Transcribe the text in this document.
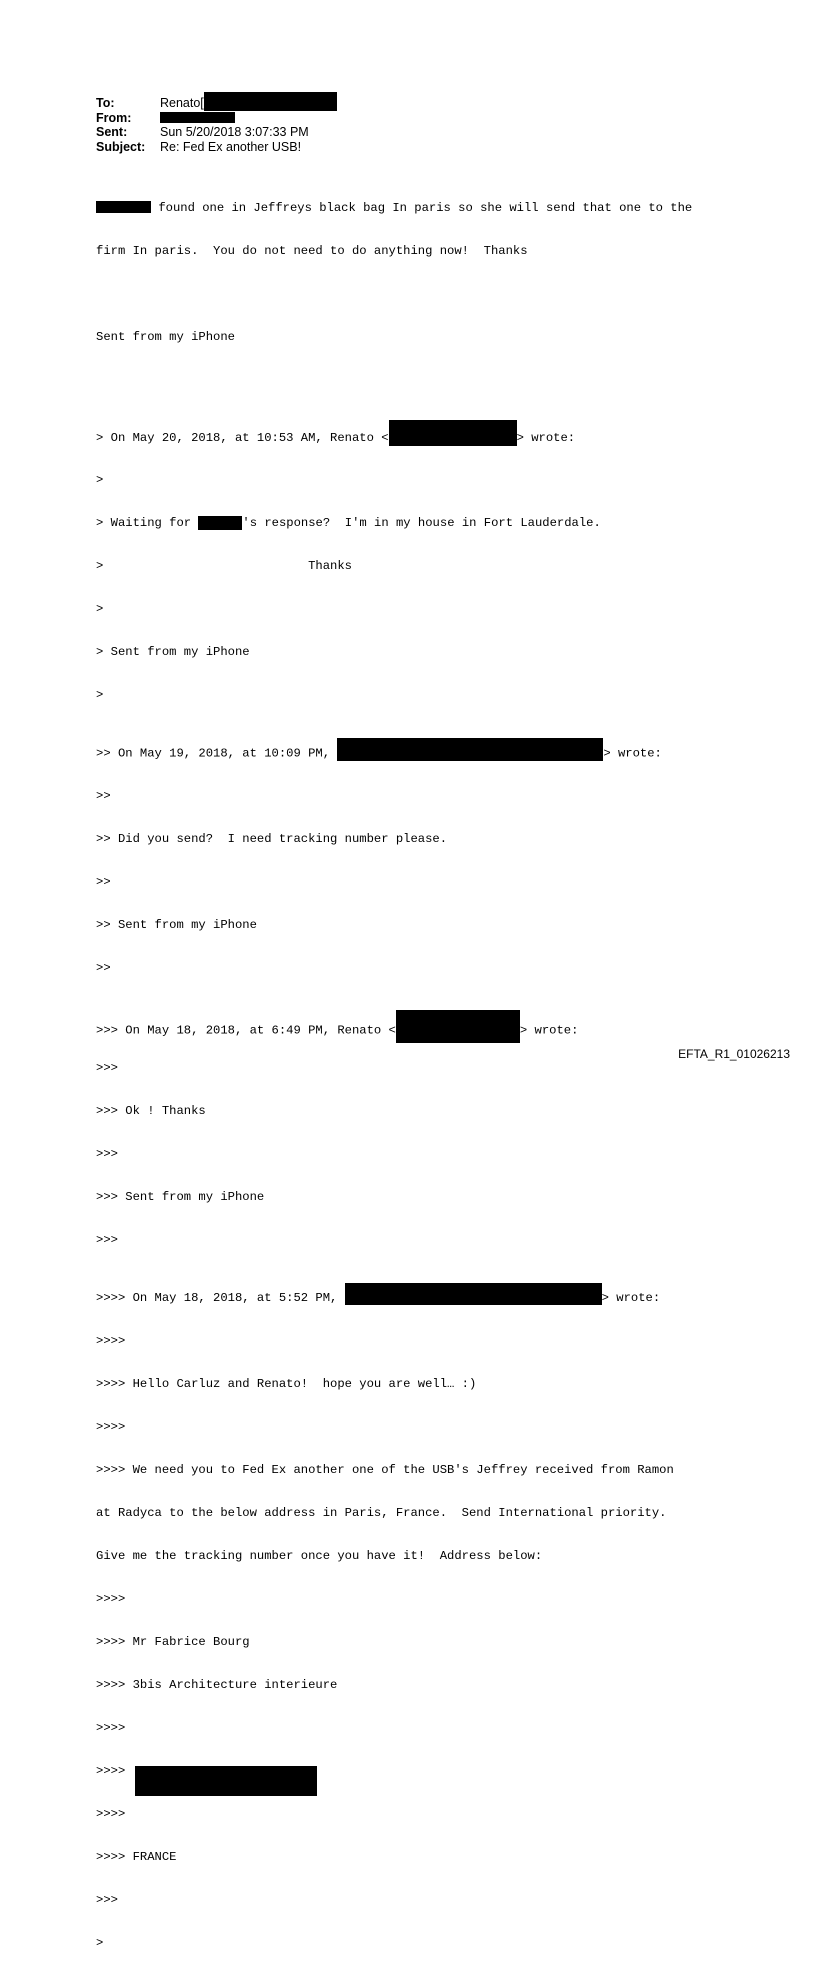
To:	Renato[
From:
Sent:	Sun 5/20/2018 3:07:33 PM
Subject:	Re: Fed Ex another USB!

found one in Jeffreys black bag In paris so she will send that one to the

firm In paris.  You do not need to do anything now!  Thanks

Sent from my iPhone

> On May 20, 2018, at 10:53 AM, Renato <	> wrote:

>

> Waiting for	's response?  I'm in my house in Fort Lauderdale.

>                            Thanks

>

> Sent from my iPhone

>

>> On May 19, 2018, at 10:09 PM,	> wrote:

>>

>> Did you send?  I need tracking number please.

>>

>> Sent from my iPhone

>>

>>> On May 18, 2018, at 6:49 PM, Renato <	> wrote:

>>>

>>> Ok ! Thanks

>>>

>>> Sent from my iPhone

>>>

>>>> On May 18, 2018, at 5:52 PM,	> wrote:

>>>>

>>>> Hello Carluz and Renato!  hope you are well… :)

>>>>

>>>> We need you to Fed Ex another one of the USB's Jeffrey received from Ramon

at Radyca to the below address in Paris, France.  Send International priority.

Give me the tracking number once you have it!  Address below:

>>>>

>>>> Mr Fabrice Bourg

>>>> 3bis Architecture interieure

>>>>

>>>>

>>>>

>>>> FRANCE

>>>

>

EFTA_R1_01026213
